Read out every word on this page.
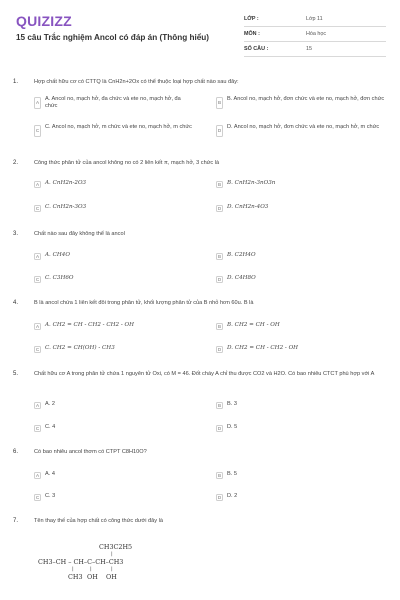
QUIZIZZ
15 câu Trắc nghiệm Ancol có đáp án (Thông hiểu)
LỚP :	Lớp 11
MÔN :	Hóa học
SỐ CÂU :	15
1.	Hợp chất hữu cơ có CTTQ là CnH2n+2Ox có thể thuộc loại hợp chất nào sau đây:
A	A. Ancol no, mạch hở, đa chức và ete no, mạch hở, đa chức
B	B. Ancol no, mạch hở, đơn chức và ete no, mạch hở, đơn chức
C	C. Ancol no, mạch hở, m chức và ete no, mạch hở, m chức	D	D. Ancol no, mạch hở, đơn chức và ete no, mạch hở, m chức
2.	Công thức phân tử của ancol không no có 2 liên kết π, mạch hở, 3 chức là
A	A. CnH2n-2O3	B	B. CnH2n-3nO3n
C	C. CnH2n-3O3	D	D. CnH2n-4O3
3.	Chất nào sau đây không thể là ancol
A	A. CH4O	B	B. C2H4O
C	C. C3H6O	D	D. C4H8O
4.	B là ancol chứa 1 liên kết đôi trong phân tử, khối lượng phân tử của B nhỏ hơn 60u. B là
A	A. CH2 = CH - CH2 - CH2 - OH	B	B. CH2 = CH - OH
C	C. CH2 = CH(OH) - CH3	D	D. CH2 = CH - CH2 - OH
5.	Chất hữu cơ A trong phân tử chứa 1 nguyên tử Oxi, có M = 46. Đốt cháy A chỉ thu được CO2 và H2O. Có bao nhiêu CTCT phù hợp với A
A	A. 2	B	B. 3
C	C. 4	D	D. 5
6.	Có bao nhiêu ancol thơm có CTPT C8H10O?
A	A. 4	B	B. 5
C	C. 3	D	D. 2
7.	Tên thay thế của hợp chất có công thức dưới đây là
CH3C2H5
|
CH3–CH – CH–C–CH–CH3
|	|	|
CH3 OH OH
